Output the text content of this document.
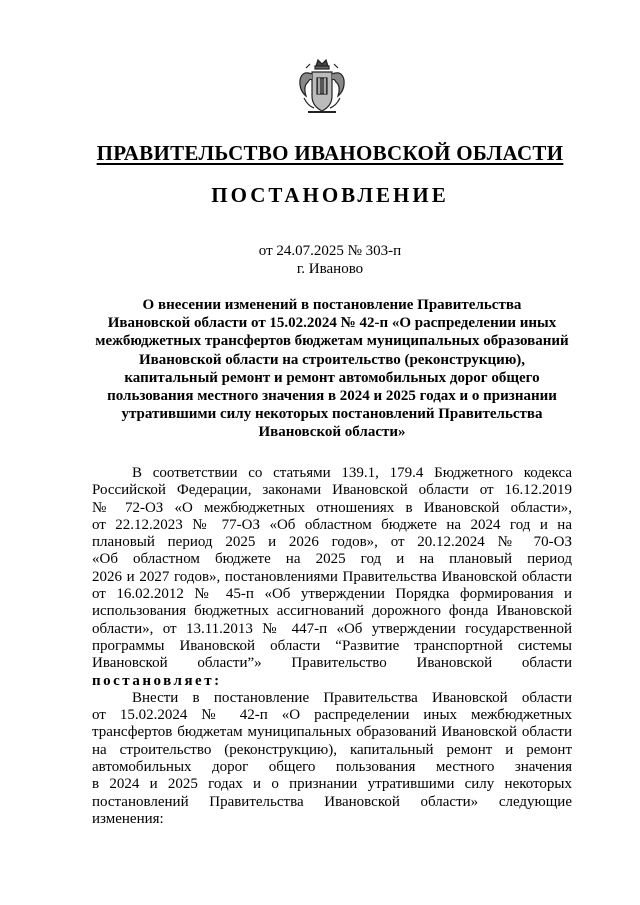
ПРАВИТЕЛЬСТВО ИВАНОВСКОЙ ОБЛАСТИ
ПОСТАНОВЛЕНИЕ
от 24.07.2025 № 303-п
г. Иваново
О внесении изменений в постановление Правительства
Ивановской области от 15.02.2024 № 42-п «О распределении иных
межбюджетных трансфертов бюджетам муниципальных образований
Ивановской области на строительство (реконструкцию),
капитальный ремонт и ремонт автомобильных дорог общего
пользования местного значения в 2024 и 2025 годах и о признании
утратившими силу некоторых постановлений Правительства
Ивановской области»
В соответствии со статьями 139.1, 179.4 Бюджетного кодекса
Российской Федерации, законами Ивановской области от 16.12.2019
№ 72-ОЗ «О межбюджетных отношениях в Ивановской области»,
от 22.12.2023 № 77-ОЗ «Об областном бюджете на 2024 год и на
плановый период 2025 и 2026 годов», от 20.12.2024 № 70-ОЗ
«Об областном бюджете на 2025 год и на плановый период
2026 и 2027 годов», постановлениями Правительства Ивановской области
от 16.02.2012 № 45-п «Об утверждении Порядка формирования и
использования бюджетных ассигнований дорожного фонда Ивановской
области», от 13.11.2013 № 447-п «Об утверждении государственной
программы Ивановской области “Развитие транспортной системы
Ивановской области”» Правительство Ивановской области
постановляет:
Внести в постановление Правительства Ивановской области
от 15.02.2024 № 42-п «О распределении иных межбюджетных
трансфертов бюджетам муниципальных образований Ивановской области
на строительство (реконструкцию), капитальный ремонт и ремонт
автомобильных дорог общего пользования местного значения
в 2024 и 2025 годах и о признании утратившими силу некоторых
постановлений Правительства Ивановской области» следующие
изменения:
